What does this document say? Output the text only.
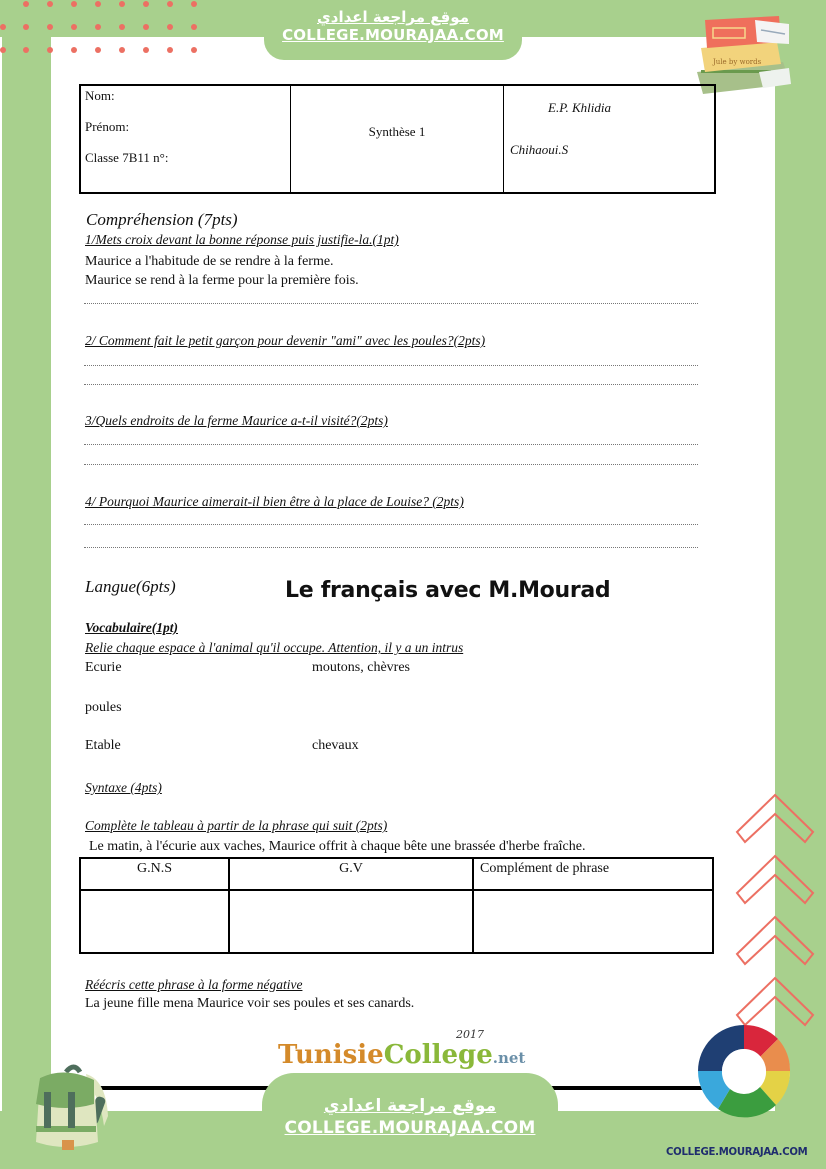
موقع مراجعة اعدادي
COLLEGE.MOURAJAA.COM
Jule by words
Nom:
Prénom:
Classe 7B11 n°:
Synthèse 1
E.P. Khlidia
Chihaoui.S
Compréhension (7pts)
1/Mets croix devant la bonne réponse puis justifie-la.(1pt)
Maurice a l'habitude de se rendre à la ferme.
Maurice se rend à la ferme pour la première fois.
2/ Comment fait le petit garçon pour devenir "ami" avec les poules?(2pts)
3/Quels endroits de la ferme Maurice a-t-il visité?(2pts)
4/ Pourquoi Maurice aimerait-il bien être à la place de Louise? (2pts)
Langue(6pts)	Le français avec M.Mourad
Vocabulaire(1pt)
Relie chaque espace à l'animal qu'il occupe. Attention, il y a un intrus
Ecurie	moutons, chèvres
poules
Etable	chevaux
Syntaxe (4pts)
Complète le tableau à partir de la phrase qui suit (2pts)
Le matin, à l'écurie aux vaches, Maurice offrit à chaque bête une brassée d'herbe fraîche.
G.N.S	G.V	Complément de phrase

Réécris cette phrase à la forme négative
La jeune fille mena Maurice voir ses poules et ses canards.
2017
TunisieCollege.net
موقع مراجعة اعدادي
COLLEGE.MOURAJAA.COM
COLLEGE.MOURAJAA.COM
